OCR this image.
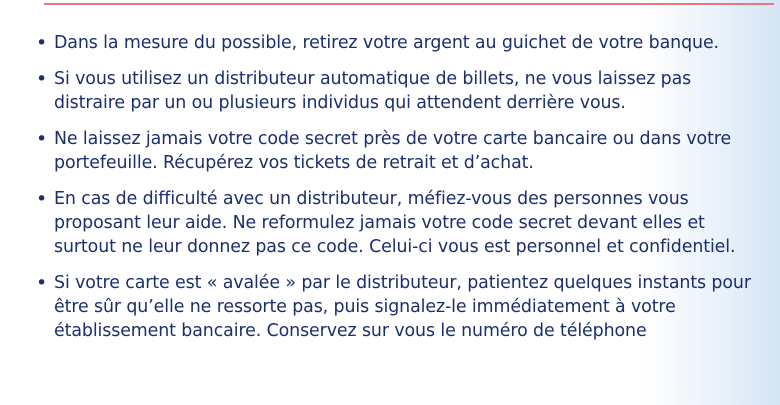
• Dans la mesure du possible, retirez votre argent au guichet de votre banque.
• Si vous utilisez un distributeur automatique de billets, ne vous laissez pas distraire par un ou plusieurs individus qui attendent derrière vous.
• Ne laissez jamais votre code secret près de votre carte bancaire ou dans votre portefeuille. Récupérez vos tickets de retrait et d’achat.
• En cas de difficulté avec un distributeur, méfiez-vous des personnes vous proposant leur aide. Ne reformulez jamais votre code secret devant elles et surtout ne leur donnez pas ce code. Celui-ci vous est personnel et confidentiel.
• Si votre carte est « avalée » par le distributeur, patientez quelques instants pour être sûr qu’elle ne ressorte pas, puis signalez-le immédiatement à votre établissement bancaire. Conservez sur vous le numéro de téléphone
